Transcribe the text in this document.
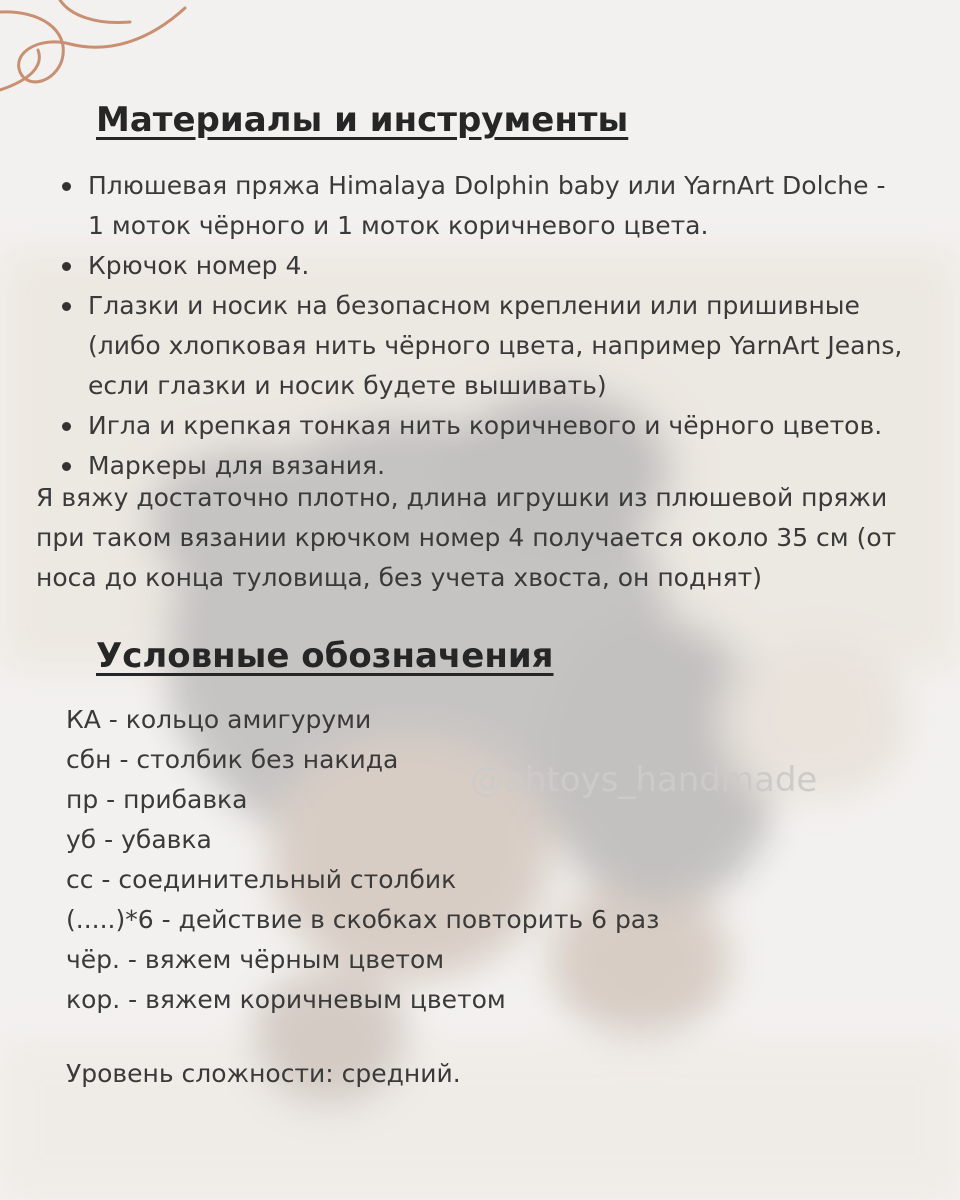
Материалы и инструменты
Плюшевая пряжа Himalaya Dolphin baby или YarnArt Dolche - 1 моток чёрного и 1 моток коричневого цвета.
Крючок номер 4.
Глазки и носик на безопасном креплении или пришивные (либо хлопковая нить чёрного цвета, например YarnArt Jeans, если глазки и носик будете вышивать)
Игла и крепкая тонкая нить коричневого и чёрного цветов.
Маркеры для вязания.

Я вяжу достаточно плотно, длина игрушки из плюшевой пряжи при таком вязании крючком номер 4 получается около 35 см (от носа до конца туловища, без учета хвоста, он поднят)

Условные обозначения
КА - кольцо амигуруми
сбн - столбик без накида
пр - прибавка
уб - убавка
сс - соединительный столбик
(.....)*6 - действие в скобках повторить 6 раз
чёр. - вяжем чёрным цветом
кор. - вяжем коричневым цветом

Уровень сложности: средний.

@ahtoys_handmade
